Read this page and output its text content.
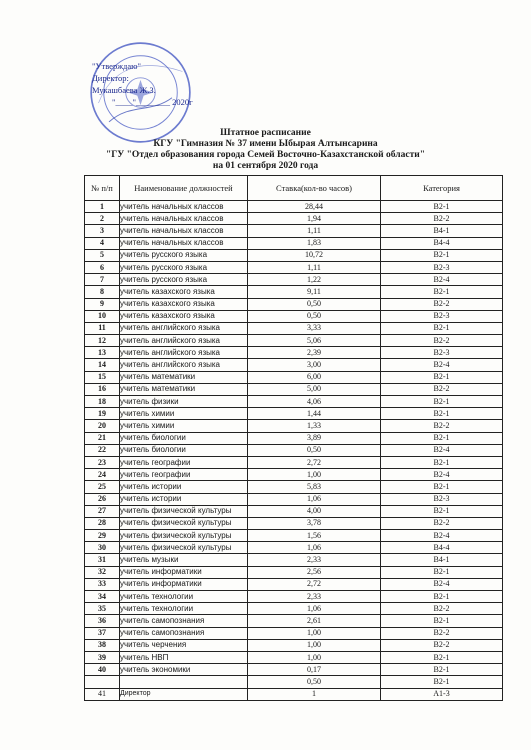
"Утверждаю"
Директор:
Мукашбаева Ж.З.
"____"________ 2020г
Штатное расписание
КГУ "Гимназия № 37 имени Ыбырая Алтынсарина
"ГУ "Отдел образования города Семей Восточно-Казахстанской области"
на 01 сентября 2020 года
№ п/п	Наименование должностей	Ставка(кол-во часов)	Категория
1	учитель начальных классов	28,44	В2-1
2	учитель начальных классов	1,94	В2-2
3	учитель начальных классов	1,11	В4-1
4	учитель начальных классов	1,83	В4-4
5	учитель русского языка	10,72	В2-1
6	учитель русского языка	1,11	В2-3
7	учитель русского языка	1,22	В2-4
8	учитель казахского языка	9,11	В2-1
9	учитель казахского языка	0,50	В2-2
10	учитель казахского языка	0,50	В2-3
11	учитель английского языка	3,33	В2-1
12	учитель английского языка	5,06	В2-2
13	учитель английского языка	2,39	В2-3
14	учитель английского языка	3,00	В2-4
15	учитель математики	6,00	В2-1
16	учитель математики	5,00	В2-2
18	учитель физики	4,06	В2-1
19	учитель химии	1,44	В2-1
20	учитель химии	1,33	В2-2
21	учитель биологии	3,89	В2-1
22	учитель биологии	0,50	В2-4
23	учитель географии	2,72	В2-1
24	учитель географии	1,00	В2-4
25	учитель истории	5,83	В2-1
26	учитель истории	1,06	В2-3
27	учитель физической культуры	4,00	В2-1
28	учитель физической культуры	3,78	В2-2
29	учитель физической культуры	1,56	В2-4
30	учитель физической культуры	1,06	В4-4
31	учитель музыки	2,33	В4-1
32	учитель информатики	2,56	В2-1
33	учитель информатики	2,72	В2-4
34	учитель технологии	2,33	В2-1
35	учитель технологии	1,06	В2-2
36	учитель самопознания	2,61	В2-1
37	учитель самопознания	1,00	В2-2
38	учитель черчения	1,00	В2-2
39	учитель НВП	1,00	В2-1
40	учитель экономики	0,17	В2-1
		0,50	В2-1
41	Директор	1	А1-3
